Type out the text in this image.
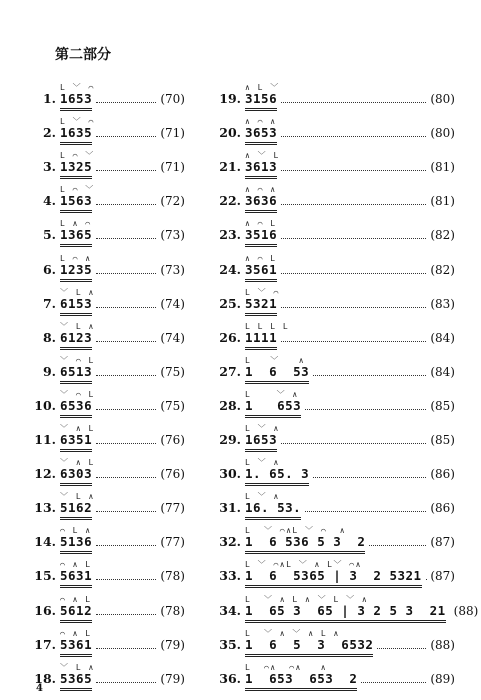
第二部分
1.
L ﹀ ⌒
1653	(70)
2.
L ﹀ ⌒
1635	(71)
3.
L ⌒ ﹀
1325	(71)
4.
L ⌒ ﹀
1563	(72)
5.
L ∧ ⌒
1365	(73)
6.
L ⌒ ∧
1235	(73)
7.
﹀ L ∧
6153	(74)
8.
﹀ L ∧
6123	(74)
9.
﹀ ⌒ L
6513	(75)
10.
﹀ ⌒ L
6536	(75)
11.
﹀ ∧ L
6351	(76)
12.
﹀ ∧ L
6303	(76)
13.
﹀ L ∧
5162	(77)
14.
⌒ L ∧
5136	(77)
15.
⌒ ∧ L
5631	(78)
16.
⌒ ∧ L
5612	(78)
17.
⌒ ∧ L
5361	(79)
18.
﹀ L ∧
5365	(79)
19.
∧ L ﹀
3156	(80)
20.
∧ ⌒ ∧
3653	(80)
21.
∧ ﹀ L
3613	(81)
22.
∧ ⌒ ∧
3636	(81)
23.
∧ ⌒ L
3516	(82)
24.
∧ ⌒ L
3561	(82)
25.
L ﹀ ⌒
5321	(83)
26.
L L L L
1111	(84)
27.
L   ﹀   ∧
1  6  53	(84)
28.
L    ﹀ ∧
1   653	(85)
29.
L ﹀ ∧
1653	(85)
30.
L ﹀ ∧
1. 65. 3	(86)
31.
L ﹀ ∧
16. 53.	(86)
32.
L  ﹀ ⌒∧L ﹀ ⌒  ∧
1  6 536 5 3  2	(87)
33.
L ﹀ ⌒∧L ﹀ ∧ L﹀ ⌒∧
1  6  5365 | 3  2 5321 (87)
34.
L  ﹀ ∧ L ∧ ﹀ L ﹀ ∧
1  65 3  65 | 3 2 5 3  21 (88)
35.
L  ﹀ ∧ ﹀ ∧ L ∧
1  6  5  3  6532	(88)
36.
L  ⌒∧  ⌒∧   ∧
1  653  653  2	(89)
4
